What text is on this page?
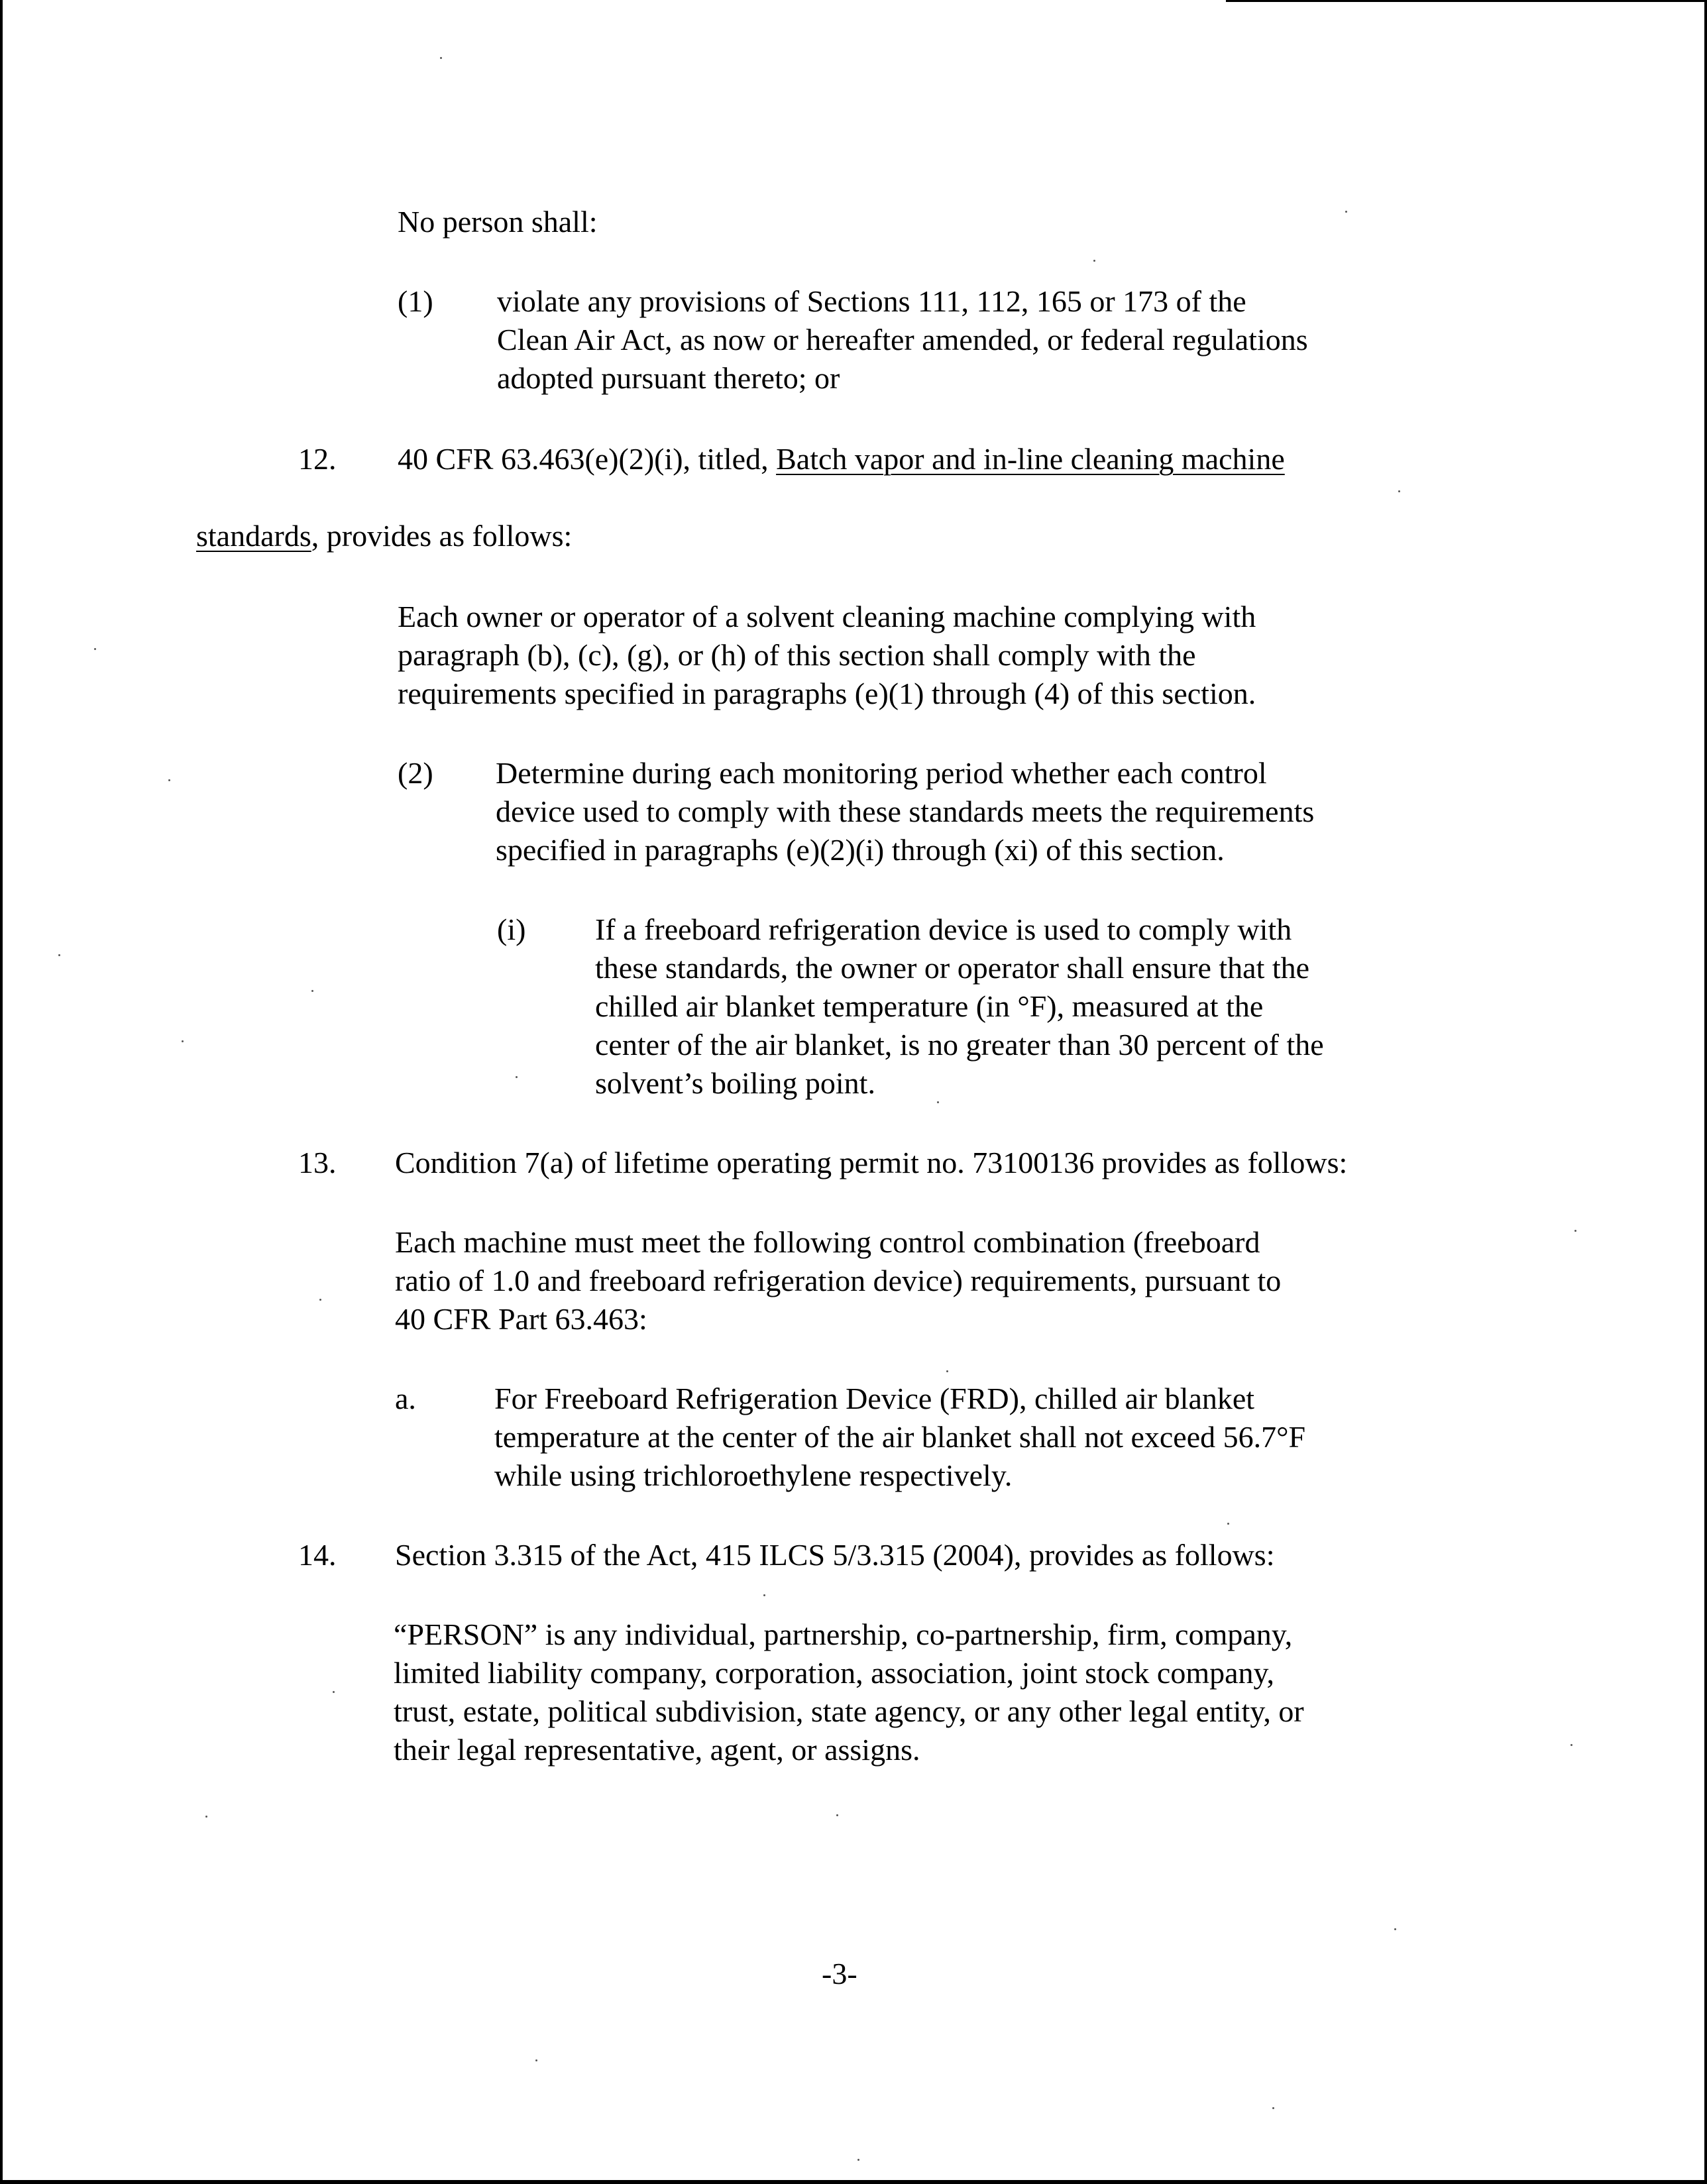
No person shall:
(1) violate any provisions of Sections 111, 112, 165 or 173 of the
Clean Air Act, as now or hereafter amended, or federal regulations
adopted pursuant thereto; or
12. 40 CFR 63.463(e)(2)(i), titled, Batch vapor and in-line cleaning machine
standards, provides as follows:
Each owner or operator of a solvent cleaning machine complying with
paragraph (b), (c), (g), or (h) of this section shall comply with the
requirements specified in paragraphs (e)(1) through (4) of this section.
(2) Determine during each monitoring period whether each control
device used to comply with these standards meets the requirements
specified in paragraphs (e)(2)(i) through (xi) of this section.
(i) If a freeboard refrigeration device is used to comply with
these standards, the owner or operator shall ensure that the
chilled air blanket temperature (in °F), measured at the
center of the air blanket, is no greater than 30 percent of the
solvent’s boiling point.
13. Condition 7(a) of lifetime operating permit no. 73100136 provides as follows:
Each machine must meet the following control combination (freeboard
ratio of 1.0 and freeboard refrigeration device) requirements, pursuant to
40 CFR Part 63.463:
a.	For Freeboard Refrigeration Device (FRD), chilled air blanket
temperature at the center of the air blanket shall not exceed 56.7°F
while using trichloroethylene respectively.
14. Section 3.315 of the Act, 415 ILCS 5/3.315 (2004), provides as follows:
“PERSON” is any individual, partnership, co-partnership, firm, company,
limited liability company, corporation, association, joint stock company,
trust, estate, political subdivision, state agency, or any other legal entity, or
their legal representative, agent, or assigns.
-3-
